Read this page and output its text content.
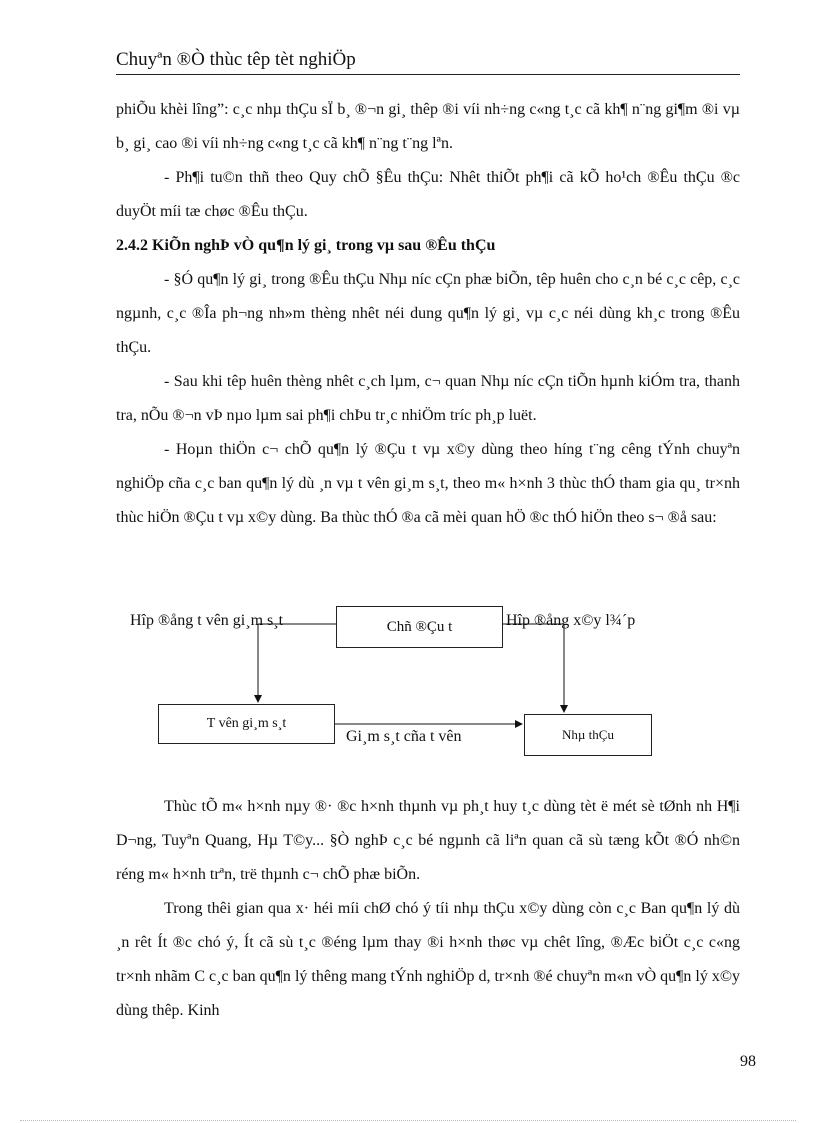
Chuyªn ®Ò thùc têp tèt nghiÖp

phiÕu khèi lîng”: c¸c nhµ thÇu sÏ b¸ ®¬n gi¸ thêp ®i víi nh÷ng c«ng t¸c cã kh¶ n¨ng gi¶m ®i vµ b¸ gi¸ cao ®i víi nh÷ng c«ng t¸c cã kh¶ n¨ng t¨ng lªn.

- Ph¶i tu©n thñ theo Quy chÕ §Êu thÇu: Nhêt thiÕt ph¶i cã kÕ ho¹ch ®Êu thÇu ®c duyÖt míi tæ chøc ®Êu thÇu.

2.4.2 KiÕn nghÞ vÒ qu¶n lý gi¸ trong vµ sau ®Êu thÇu

- §Ó qu¶n lý gi¸ trong ®Êu thÇu Nhµ níc cÇn phæ biÕn, têp huên cho c¸n bé c¸c cêp, c¸c ngµnh, c¸c ®Îa ph¬ng nh»m thèng nhêt néi dung qu¶n lý gi¸ vµ c¸c néi dùng kh¸c trong ®Êu thÇu.

- Sau khi têp huên thèng nhêt c¸ch lµm, c¬ quan Nhµ níc cÇn tiÕn hµnh kiÓm tra, thanh tra, nÕu ®¬n vÞ nµo lµm sai ph¶i chÞu tr¸c nhiÖm tríc ph¸p luët.

- Hoµn thiÖn c¬ chÕ qu¶n lý ®Çu t vµ x©y dùng theo híng t¨ng cêng tÝnh chuyªn nghiÖp cña c¸c ban qu¶n lý dù ¸n vµ t vên gi¸m s¸t, theo m« h×nh 3 thùc thÓ tham gia qu¸ tr×nh thùc hiÖn ®Çu t vµ x©y dùng. Ba thùc thÓ ®a cã mèi quan hÖ ®c thÓ hiÖn theo s¬ ®å sau:

Hîp ®ång t vên gi¸m s¸t	Chñ ®Çu t	Hîp ®ång x©y l¾´p
T vên gi¸m s¸t
Gi¸m s¸t cña t vên	Nhµ thÇu

Thùc tÕ m« h×nh nµy ®· ®c h×nh thµnh vµ ph¸t huy t¸c dùng tèt ë mét sè tØnh nh H¶i D¬ng, Tuyªn Quang, Hµ T©y... §Ò nghÞ c¸c bé ngµnh cã liªn quan cã sù tæng kÕt ®Ó nh©n réng m« h×nh trªn, trë thµnh c¬ chÕ phæ biÕn.

Trong thêi gian qua x· héi míi chØ chó ý tíi nhµ thÇu x©y dùng còn c¸c Ban qu¶n lý dù ¸n rêt Ít ®c chó ý, Ít cã sù t¸c ®éng lµm thay ®i h×nh thøc vµ chêt lîng, ®Æc biÖt c¸c c«ng tr×nh nhãm C c¸c ban qu¶n lý thêng mang tÝnh nghiÖp d, tr×nh ®é chuyªn m«n vÒ qu¶n lý x©y dùng thêp. Kinh

98
